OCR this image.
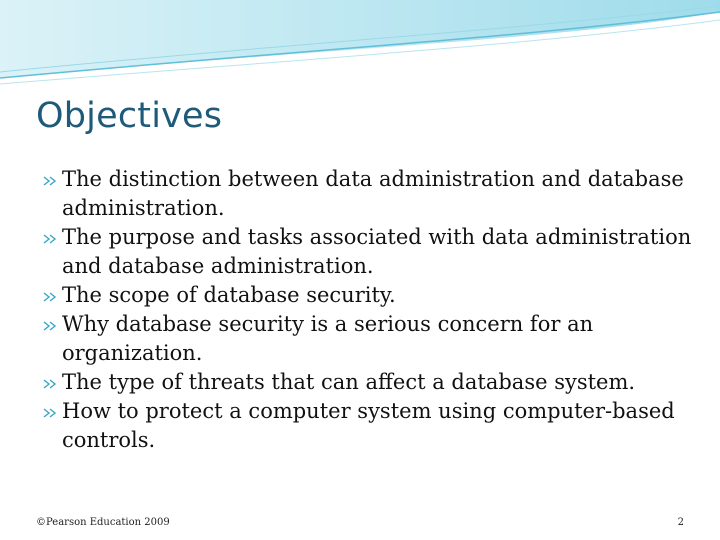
Objectives
The distinction between data administration and database administration.
The purpose and tasks associated with data administration and database administration.
The scope of database security.
Why database security is a serious concern for an organization.
The type of threats that can affect a database system.
How to protect a computer system using computer-based controls.
©Pearson Education 2009	2
